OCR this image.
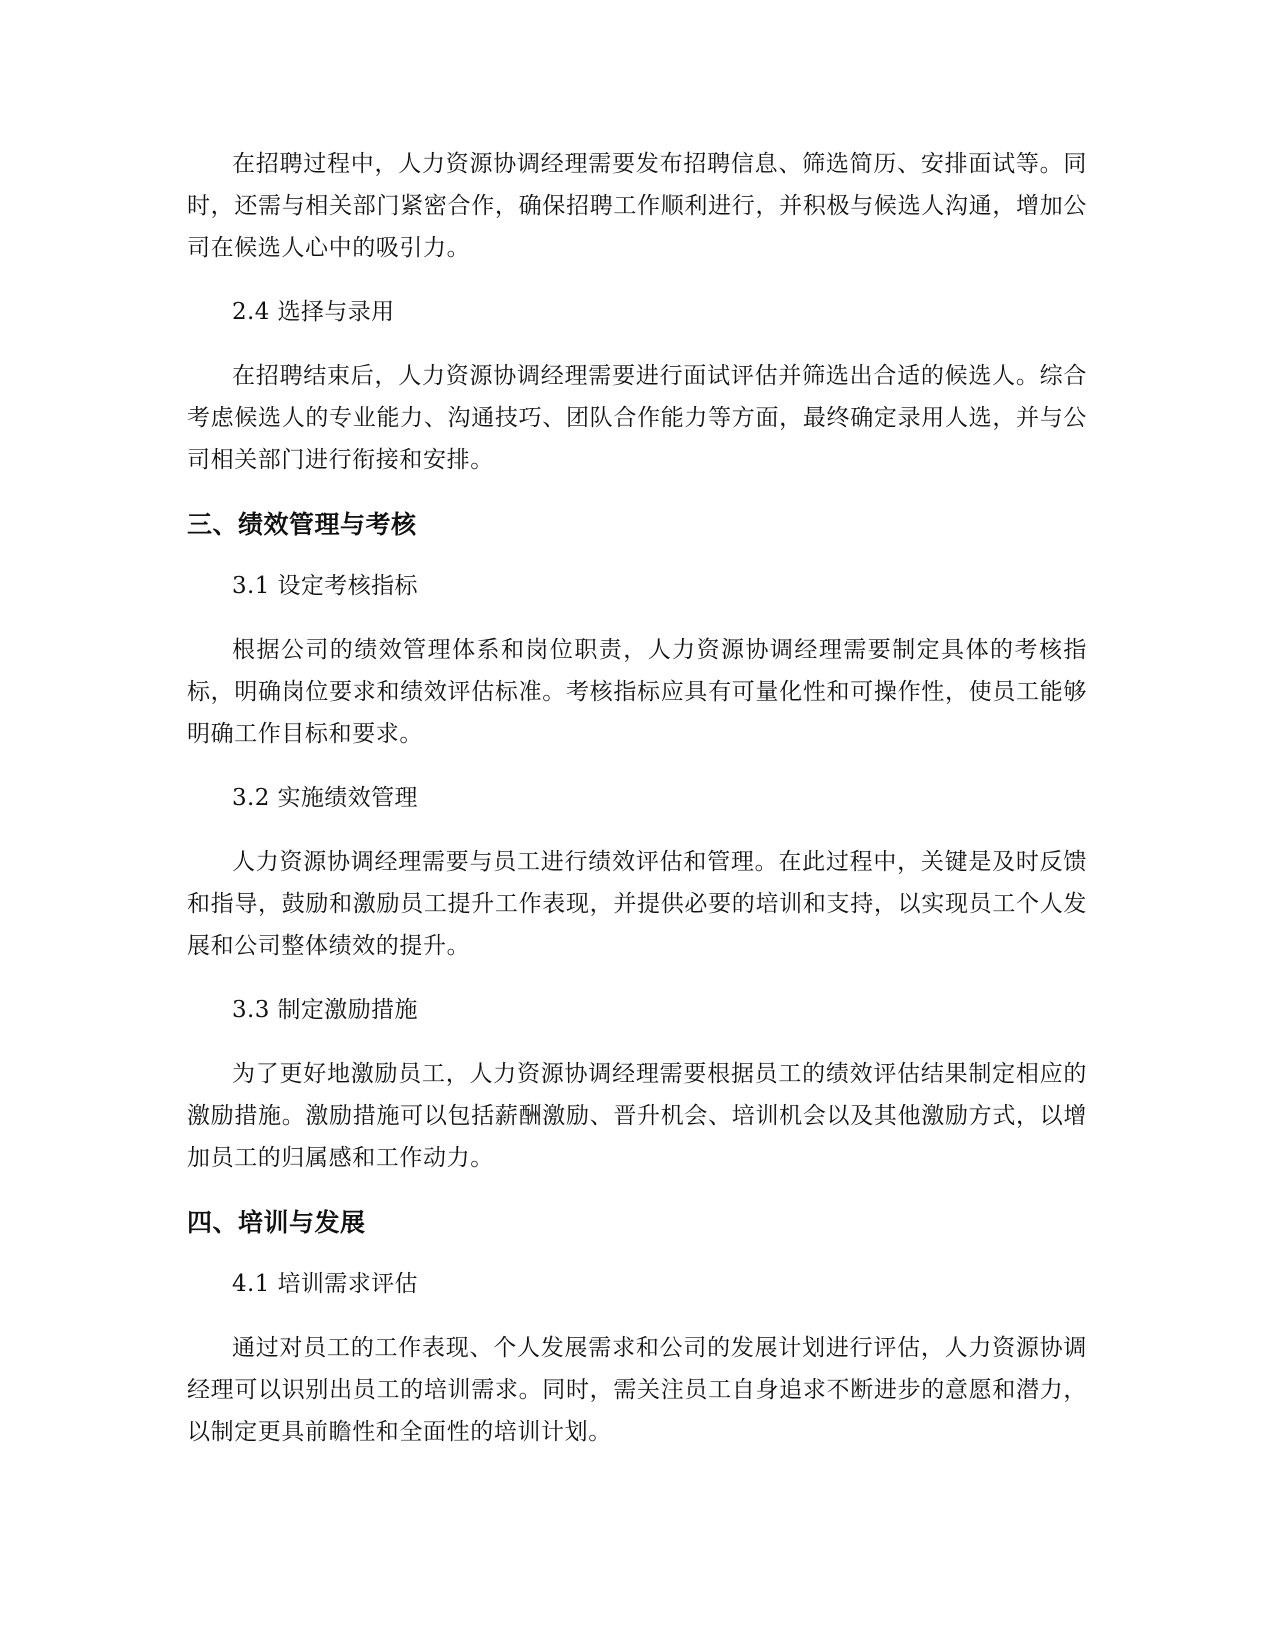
在招聘过程中，人力资源协调经理需要发布招聘信息、筛选简历、安排面试等。同时，还需与相关部门紧密合作，确保招聘工作顺利进行，并积极与候选人沟通，增加公司在候选人心中的吸引力。

2.4 选择与录用

在招聘结束后，人力资源协调经理需要进行面试评估并筛选出合适的候选人。综合考虑候选人的专业能力、沟通技巧、团队合作能力等方面，最终确定录用人选，并与公司相关部门进行衔接和安排。

三、绩效管理与考核

3.1 设定考核指标

根据公司的绩效管理体系和岗位职责，人力资源协调经理需要制定具体的考核指标，明确岗位要求和绩效评估标准。考核指标应具有可量化性和可操作性，使员工能够明确工作目标和要求。

3.2 实施绩效管理

人力资源协调经理需要与员工进行绩效评估和管理。在此过程中，关键是及时反馈和指导，鼓励和激励员工提升工作表现，并提供必要的培训和支持，以实现员工个人发展和公司整体绩效的提升。

3.3 制定激励措施

为了更好地激励员工，人力资源协调经理需要根据员工的绩效评估结果制定相应的激励措施。激励措施可以包括薪酬激励、晋升机会、培训机会以及其他激励方式，以增加员工的归属感和工作动力。

四、培训与发展

4.1 培训需求评估

通过对员工的工作表现、个人发展需求和公司的发展计划进行评估，人力资源协调经理可以识别出员工的培训需求。同时，需关注员工自身追求不断进步的意愿和潜力，以制定更具前瞻性和全面性的培训计划。
